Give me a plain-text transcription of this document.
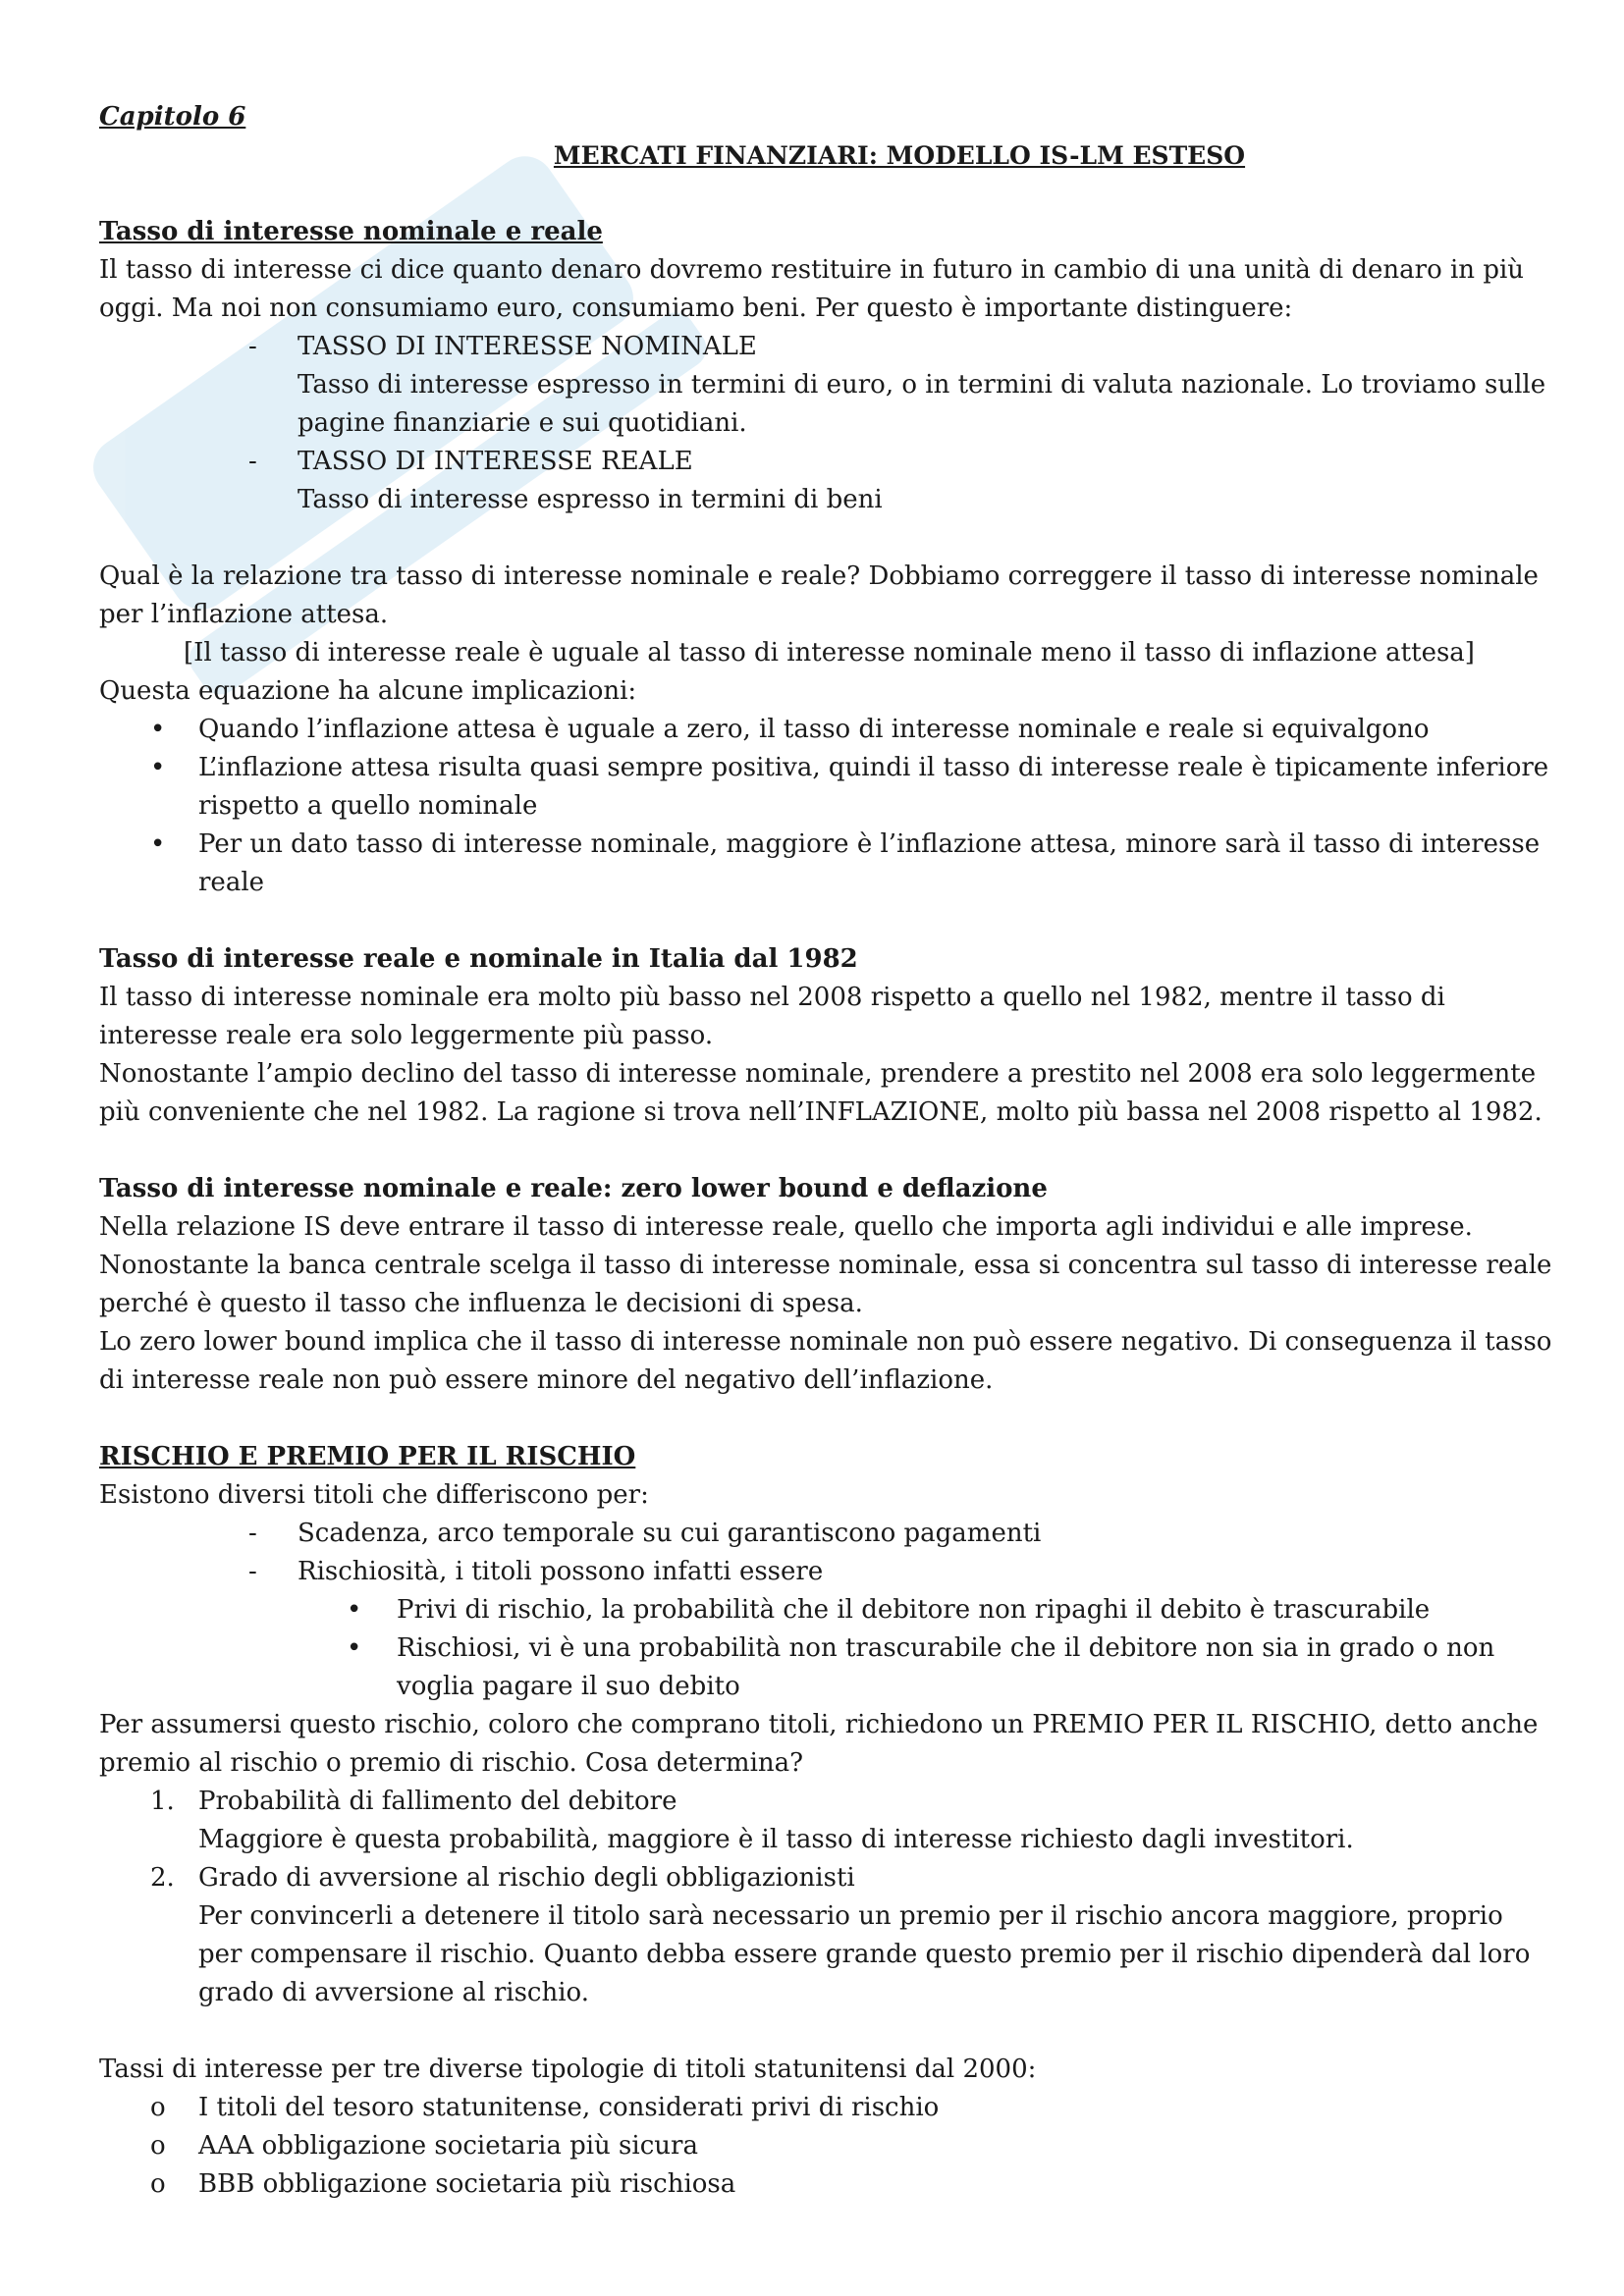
Capitolo 6

MERCATI FINANZIARI: MODELLO IS-LM ESTESO

Tasso di interesse nominale e reale

Il tasso di interesse ci dice quanto denaro dovremo restituire in futuro in cambio di una unità di denaro in più oggi. Ma noi non consumiamo euro, consumiamo beni. Per questo è importante distinguere:

- TASSO DI INTERESSE NOMINALE
Tasso di interesse espresso in termini di euro, o in termini di valuta nazionale. Lo troviamo sulle pagine finanziarie e sui quotidiani.
- TASSO DI INTERESSE REALE
Tasso di interesse espresso in termini di beni

Qual è la relazione tra tasso di interesse nominale e reale? Dobbiamo correggere il tasso di interesse nominale per l’inflazione attesa.

[Il tasso di interesse reale è uguale al tasso di interesse nominale meno il tasso di inflazione attesa]

Questa equazione ha alcune implicazioni:

• Quando l’inflazione attesa è uguale a zero, il tasso di interesse nominale e reale si equivalgono
• L’inflazione attesa risulta quasi sempre positiva, quindi il tasso di interesse reale è tipicamente inferiore rispetto a quello nominale
• Per un dato tasso di interesse nominale, maggiore è l’inflazione attesa, minore sarà il tasso di interesse reale

Tasso di interesse reale e nominale in Italia dal 1982

Il tasso di interesse nominale era molto più basso nel 2008 rispetto a quello nel 1982, mentre il tasso di interesse reale era solo leggermente più passo.

Nonostante l’ampio declino del tasso di interesse nominale, prendere a prestito nel 2008 era solo leggermente più conveniente che nel 1982. La ragione si trova nell’INFLAZIONE, molto più bassa nel 2008 rispetto al 1982.

Tasso di interesse nominale e reale: zero lower bound e deflazione

Nella relazione IS deve entrare il tasso di interesse reale, quello che importa agli individui e alle imprese.

Nonostante la banca centrale scelga il tasso di interesse nominale, essa si concentra sul tasso di interesse reale perché è questo il tasso che influenza le decisioni di spesa.

Lo zero lower bound implica che il tasso di interesse nominale non può essere negativo. Di conseguenza il tasso di interesse reale non può essere minore del negativo dell’inflazione.

RISCHIO E PREMIO PER IL RISCHIO

Esistono diversi titoli che differiscono per:

- Scadenza, arco temporale su cui garantiscono pagamenti
- Rischiosità, i titoli possono infatti essere
• Privi di rischio, la probabilità che il debitore non ripaghi il debito è trascurabile
• Rischiosi, vi è una probabilità non trascurabile che il debitore non sia in grado o non voglia pagare il suo debito

Per assumersi questo rischio, coloro che comprano titoli, richiedono un PREMIO PER IL RISCHIO, detto anche premio al rischio o premio di rischio. Cosa determina?

1. Probabilità di fallimento del debitore
Maggiore è questa probabilità, maggiore è il tasso di interesse richiesto dagli investitori.
2. Grado di avversione al rischio degli obbligazionisti
Per convincerli a detenere il titolo sarà necessario un premio per il rischio ancora maggiore, proprio per compensare il rischio. Quanto debba essere grande questo premio per il rischio dipenderà dal loro grado di avversione al rischio.

Tassi di interesse per tre diverse tipologie di titoli statunitensi dal 2000:

o I titoli del tesoro statunitense, considerati privi di rischio
o AAA obbligazione societaria più sicura
o BBB obbligazione societaria più rischiosa
